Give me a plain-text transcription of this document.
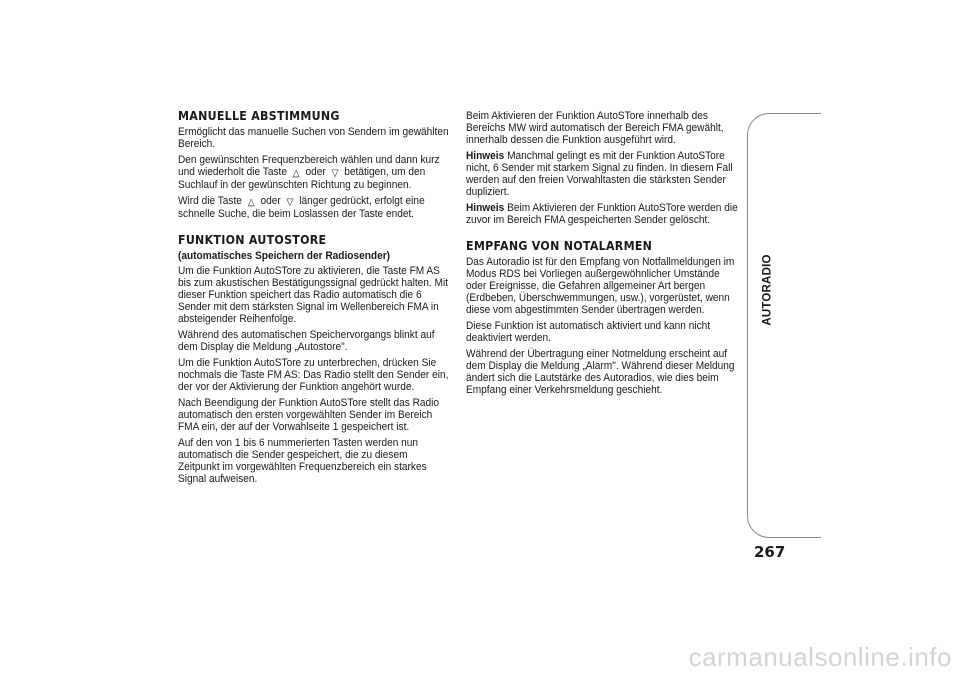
MANUELLE ABSTIMMUNG

Ermöglicht das manuelle Suchen von Sendern im gewählten Bereich.

Den gewünschten Frequenzbereich wählen und dann kurz und wiederholt die Taste △ oder ▽ betätigen, um den Suchlauf in der gewünschten Richtung zu beginnen.

Wird die Taste △ oder ▽ länger gedrückt, erfolgt eine schnelle Suche, die beim Loslassen der Taste endet.

FUNKTION AUTOSTORE
(automatisches Speichern der Radiosender)

Um die Funktion AutoSTore zu aktivieren, die Taste FM AS bis zum akustischen Bestätigungssignal gedrückt halten. Mit dieser Funktion speichert das Radio automatisch die 6 Sender mit dem stärksten Signal im Wellenbereich FMA in absteigender Reihenfolge.

Während des automatischen Speichervorgangs blinkt auf dem Display die Meldung „Autostore".

Um die Funktion AutoSTore zu unterbrechen, drücken Sie nochmals die Taste FM AS: Das Radio stellt den Sender ein, der vor der Aktivierung der Funktion angehört wurde.

Nach Beendigung der Funktion AutoSTore stellt das Radio automatisch den ersten vorgewählten Sender im Bereich FMA ein, der auf der Vorwahlseite 1 gespeichert ist.

Auf den von 1 bis 6 nummerierten Tasten werden nun automatisch die Sender gespeichert, die zu diesem Zeitpunkt im vorgewählten Frequenzbereich ein starkes Signal aufweisen.

Beim Aktivieren der Funktion AutoSTore innerhalb des Bereichs MW wird automatisch der Bereich FMA gewählt, innerhalb dessen die Funktion ausgeführt wird.

Hinweis Manchmal gelingt es mit der Funktion AutoSTore nicht, 6 Sender mit starkem Signal zu finden. In diesem Fall werden auf den freien Vorwahltasten die stärksten Sender dupliziert.

Hinweis Beim Aktivieren der Funktion AutoSTore werden die zuvor im Bereich FMA gespeicherten Sender gelöscht.

EMPFANG VON NOTALARMEN

Das Autoradio ist für den Empfang von Notfallmeldungen im Modus RDS bei Vorliegen außergewöhnlicher Umstände oder Ereignisse, die Gefahren allgemeiner Art bergen (Erdbeben, Überschwemmungen, usw.), vorgerüstet, wenn diese vom abgestimmten Sender übertragen werden.

Diese Funktion ist automatisch aktiviert und kann nicht deaktiviert werden.

Während der Übertragung einer Notmeldung erscheint auf dem Display die Meldung „Alarm". Während dieser Meldung ändert sich die Lautstärke des Autoradios, wie dies beim Empfang einer Verkehrsmeldung geschieht.

AUTORADIO
267
carmanualsonline.info
